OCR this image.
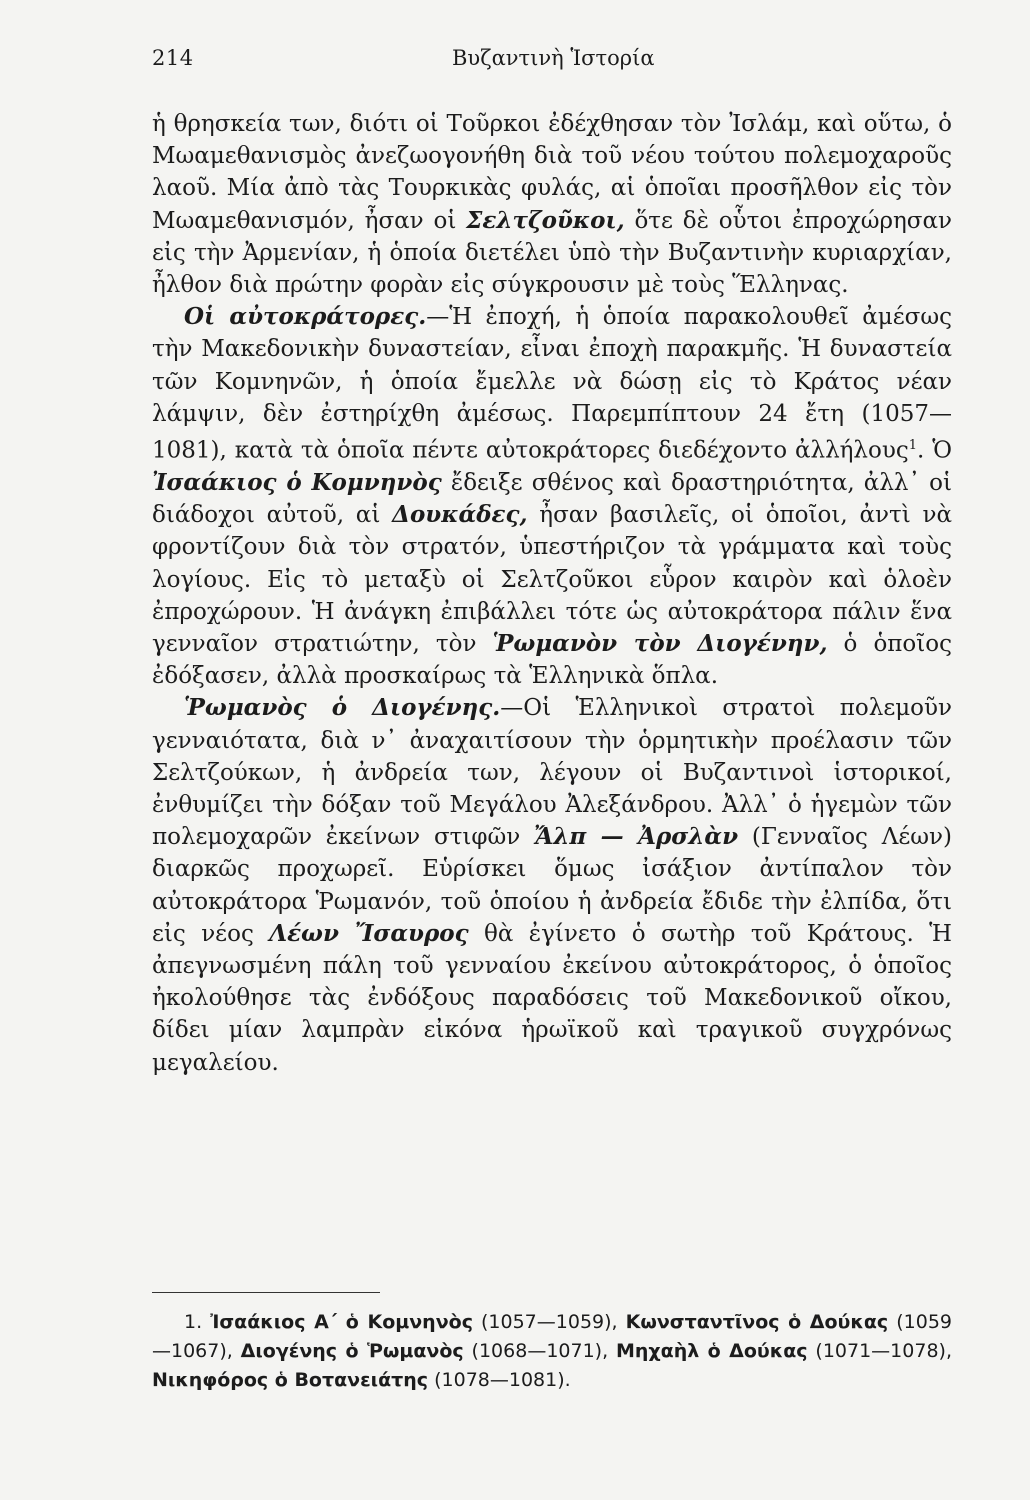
214	Βυζαντινὴ Ἱστορία

ἡ θρησκεία των, διότι οἱ Τοῦρκοι ἐδέχθησαν τὸν Ἰσλάμ, καὶ οὕτω, ὁ Μωαμεθανισμὸς ἀνεζωογονήθη διὰ τοῦ νέου τούτου πολεμοχαροῦς λαοῦ. Μία ἀπὸ τὰς Τουρκικὰς φυλάς, αἱ ὁποῖαι προσῆλθον εἰς τὸν Μωαμεθανισμόν, ἦσαν οἱ Σελτζοῦκοι, ὅτε δὲ οὗτοι ἐπροχώρησαν εἰς τὴν Ἀρμενίαν, ἡ ὁποία διετέλει ὑπὸ τὴν Βυζαντινὴν κυριαρχίαν, ἦλθον διὰ πρώτην φορὰν εἰς σύγκρουσιν μὲ τοὺς Ἕλληνας.

Οἱ αὐτοκράτορες.—Ἡ ἐποχή, ἡ ὁποία παρακολουθεῖ ἀμέσως τὴν Μακεδονικὴν δυναστείαν, εἶναι ἐποχὴ παρακμῆς. Ἡ δυναστεία τῶν Κομνηνῶν, ἡ ὁποία ἔμελλε νὰ δώσῃ εἰς τὸ Κράτος νέαν λάμψιν, δὲν ἐστηρίχθη ἀμέσως. Παρεμπίπτουν 24 ἔτη (1057—1081), κατὰ τὰ ὁποῖα πέντε αὐτοκράτορες διεδέχοντο ἀλλήλους$^1$. Ὁ Ἰσαάκιος ὁ Κομνηνὸς ἔδειξε σθένος καὶ δραστηριότητα, ἀλλ᾽ οἱ διάδοχοι αὐτοῦ, αἱ Δουκάδες, ἦσαν βασιλεῖς, οἱ ὁποῖοι, ἀντὶ νὰ φροντίζουν διὰ τὸν στρατόν, ὑπεστήριζον τὰ γράμματα καὶ τοὺς λογίους. Εἰς τὸ μεταξὺ οἱ Σελτζοῦκοι εὗρον καιρὸν καὶ ὁλοὲν ἐπροχώρουν. Ἡ ἀνάγκη ἐπιβάλλει τότε ὡς αὐτοκράτορα πάλιν ἕνα γενναῖον στρατιώτην, τὸν Ῥωμανὸν τὸν Διογένην, ὁ ὁποῖος ἐδόξασεν, ἀλλὰ προσκαίρως τὰ Ἑλληνικὰ ὅπλα.

Ῥωμανὸς ὁ Διογένης.—Οἱ Ἑλληνικοὶ στρατοὶ πολεμοῦν γενναιότατα, διὰ ν᾽ ἀναχαιτίσουν τὴν ὁρμητικὴν προέλασιν τῶν Σελτζούκων, ἡ ἀνδρεία των, λέγουν οἱ Βυζαντινοὶ ἱστορικοί, ἐνθυμίζει τὴν δόξαν τοῦ Μεγάλου Ἀλεξάνδρου. Ἀλλ᾽ ὁ ἡγεμὼν τῶν πολεμοχαρῶν ἐκείνων στιφῶν Ἄλπ — Ἀρσλὰν (Γενναῖος Λέων) διαρκῶς προχωρεῖ. Εὑρίσκει ὅμως ἰσάξιον ἀντίπαλον τὸν αὐτοκράτορα Ῥωμανόν, τοῦ ὁποίου ἡ ἀνδρεία ἔδιδε τὴν ἐλπίδα, ὅτι εἰς νέος Λέων Ἴσαυρος θὰ ἐγίνετο ὁ σωτὴρ τοῦ Κράτους. Ἡ ἀπεγνωσμένη πάλη τοῦ γενναίου ἐκείνου αὐτοκράτορος, ὁ ὁποῖος ἠκολούθησε τὰς ἐνδόξους παραδόσεις τοῦ Μακεδονικοῦ οἴκου, δίδει μίαν λαμπρὰν εἰκόνα ἡρωϊκοῦ καὶ τραγικοῦ συγχρόνως μεγαλείου.

1. Ἰσαάκιος Α΄ ὁ Κομνηνὸς (1057—1059), Κωνσταντῖνος ὁ Δούκας (1059—1067), Διογένης ὁ Ῥωμανὸς (1068—1071), Μηχαὴλ ὁ Δούκας (1071—1078), Νικηφόρος ὁ Βοτανειάτης (1078—1081).
